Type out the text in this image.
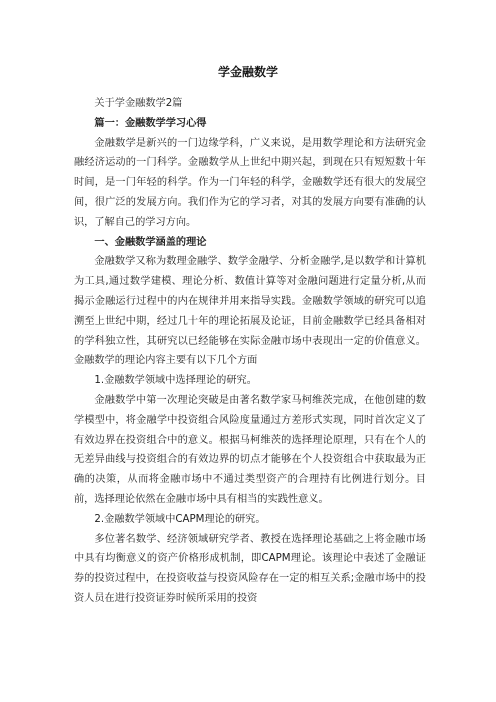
学金融数学

关于学金融数学2篇

篇一：金融数学学习心得

金融数学是新兴的一门边缘学科，广义来说，是用数学理论和方法研究金融经济运动的一门科学。金融数学从上世纪中期兴起，到现在只有短短数十年时间，是一门年轻的科学。作为一门年轻的科学，金融数学还有很大的发展空间，很广泛的发展方向。我们作为它的学习者，对其的发展方向要有准确的认识，了解自己的学习方向。

一、金融数学涵盖的理论

金融数学又称为数理金融学、数学金融学、分析金融学,是以数学和计算机为工具,通过数学建模、理论分析、数值计算等对金融问题进行定量分析,从而揭示金融运行过程中的内在规律并用来指导实践。金融数学领域的研究可以追溯至上世纪中期，经过几十年的理论拓展及论证，目前金融数学已经具备相对的学科独立性，其研究以已经能够在实际金融市场中表现出一定的价值意义。金融数学的理论内容主要有以下几个方面

1.金融数学领域中选择理论的研究。

金融数学中第一次理论突破是由著名数学家马柯维茨完成，在他创建的数学模型中，将金融学中投资组合风险度量通过方差形式实现，同时首次定义了有效边界在投资组合中的意义。根据马柯维茨的选择理论原理，只有在个人的无差异曲线与投资组合的有效边界的切点才能够在个人投资组合中获取最为正确的决策，从而将金融市场中不通过类型资产的合理持有比例进行划分。目前，选择理论依然在金融市场中具有相当的实践性意义。

2.金融数学领域中CAPM理论的研究。

多位著名数学、经济领域研究学者、教授在选择理论基础之上将金融市场中具有均衡意义的资产价格形成机制，即CAPM理论。该理论中表述了金融证券的投资过程中，在投资收益与投资风险存在一定的相互关系;金融市场中的投资人员在进行投资证券时候所采用的投资
